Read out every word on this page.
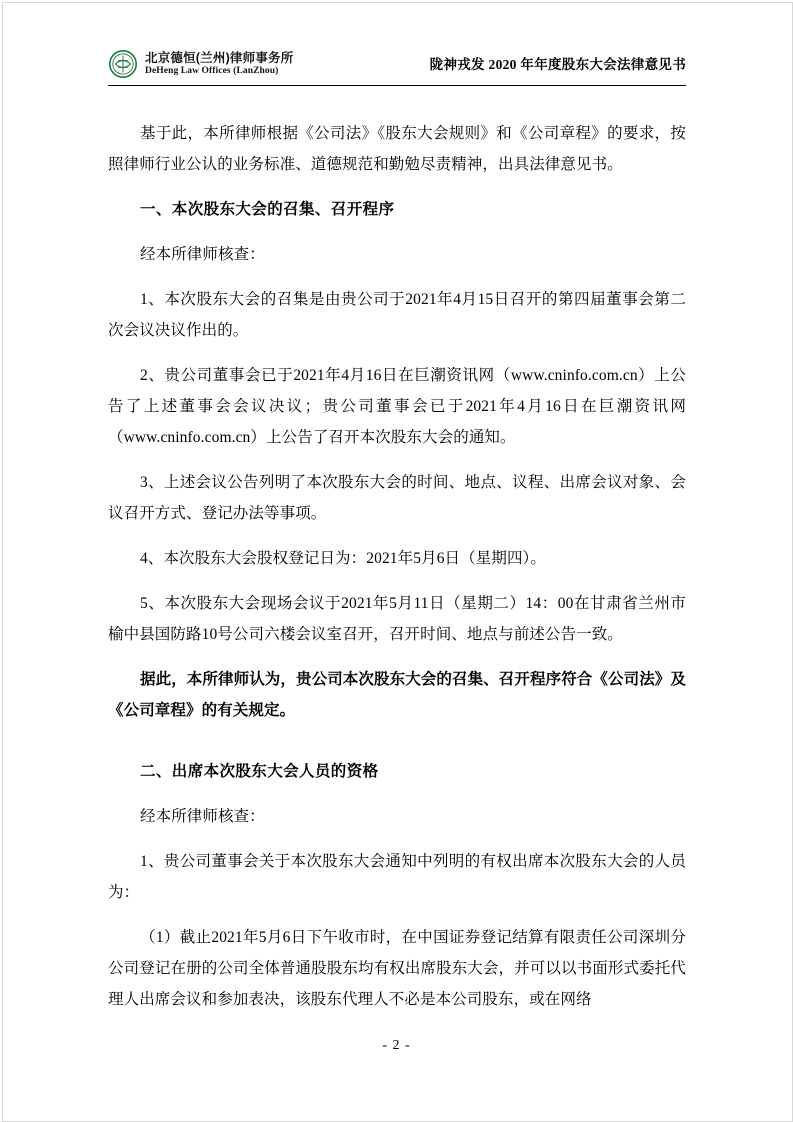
北京德恒(兰州)律师事务所
DeHeng Law Offices (LanZhou)	陇神戎发 2020 年年度股东大会法律意见书

基于此，本所律师根据《公司法》《股东大会规则》和《公司章程》的要求，按照律师行业公认的业务标准、道德规范和勤勉尽责精神，出具法律意见书。

一、本次股东大会的召集、召开程序

经本所律师核查：

1、本次股东大会的召集是由贵公司于2021年4月15日召开的第四届董事会第二次会议决议作出的。

2、贵公司董事会已于2021年4月16日在巨潮资讯网（www.cninfo.com.cn）上公告了上述董事会会议决议；贵公司董事会已于2021年4月16日在巨潮资讯网（www.cninfo.com.cn）上公告了召开本次股东大会的通知。

3、上述会议公告列明了本次股东大会的时间、地点、议程、出席会议对象、会议召开方式、登记办法等事项。

4、本次股东大会股权登记日为：2021年5月6日（星期四）。

5、本次股东大会现场会议于2021年5月11日（星期二）14：00在甘肃省兰州市榆中县国防路10号公司六楼会议室召开，召开时间、地点与前述公告一致。

据此，本所律师认为，贵公司本次股东大会的召集、召开程序符合《公司法》及《公司章程》的有关规定。

二、出席本次股东大会人员的资格

经本所律师核查：

1、贵公司董事会关于本次股东大会通知中列明的有权出席本次股东大会的人员为：

（1）截止2021年5月6日下午收市时，在中国证券登记结算有限责任公司深圳分公司登记在册的公司全体普通股股东均有权出席股东大会，并可以以书面形式委托代理人出席会议和参加表决，该股东代理人不必是本公司股东，或在网络

- 2 -
